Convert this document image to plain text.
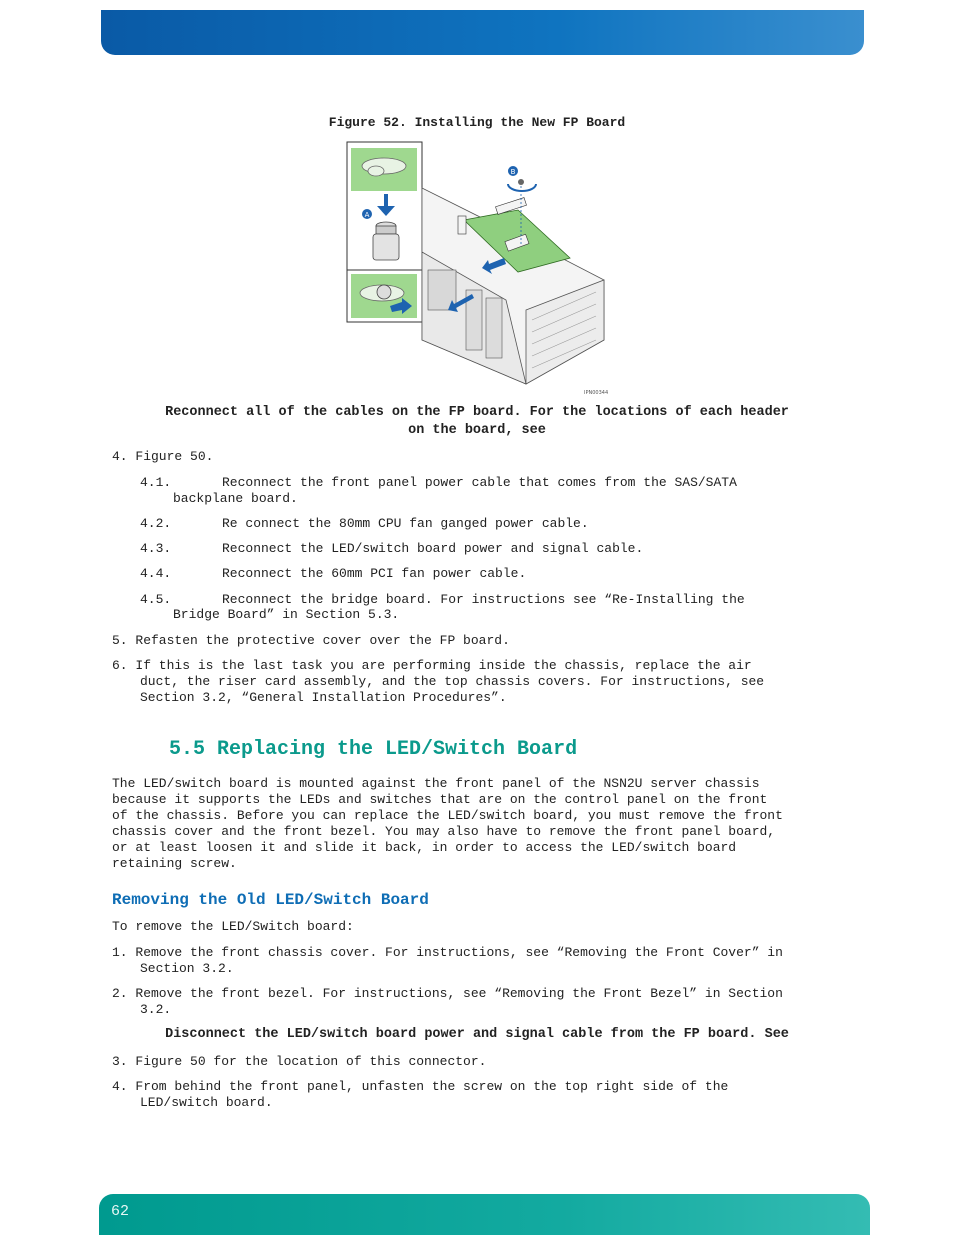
Figure 52. Installing the New FP Board
A
B
IPN00344
Reconnect all of the cables on the FP board. For the locations of each header
on the board, see
4. Figure 50.
4.1.	Reconnect the front panel power cable that comes from the SAS/SATA
backplane board.
4.2.	Re connect the 80mm CPU fan ganged power cable.
4.3.	Reconnect the LED/switch board power and signal cable.
4.4.	Reconnect the 60mm PCI fan power cable.
4.5.	Reconnect the bridge board. For instructions see “Re-Installing the
Bridge Board” in Section 5.3.
5. Refasten the protective cover over the FP board.
6. If this is the last task you are performing inside the chassis, replace the air
duct, the riser card assembly, and the top chassis covers. For instructions, see
Section 3.2, “General Installation Procedures”.
5.5 Replacing the LED/Switch Board
The LED/switch board is mounted against the front panel of the NSN2U server chassis
because it supports the LEDs and switches that are on the control panel on the front
of the chassis. Before you can replace the LED/switch board, you must remove the front
chassis cover and the front bezel. You may also have to remove the front panel board,
or at least loosen it and slide it back, in order to access the LED/switch board
retaining screw.
Removing the Old LED/Switch Board
To remove the LED/Switch board:
1. Remove the front chassis cover. For instructions, see “Removing the Front Cover” in
Section 3.2.
2. Remove the front bezel. For instructions, see “Removing the Front Bezel” in Section
3.2.
Disconnect the LED/switch board power and signal cable from the FP board. See
3. Figure 50 for the location of this connector.
4. From behind the front panel, unfasten the screw on the top right side of the
LED/switch board.
62
